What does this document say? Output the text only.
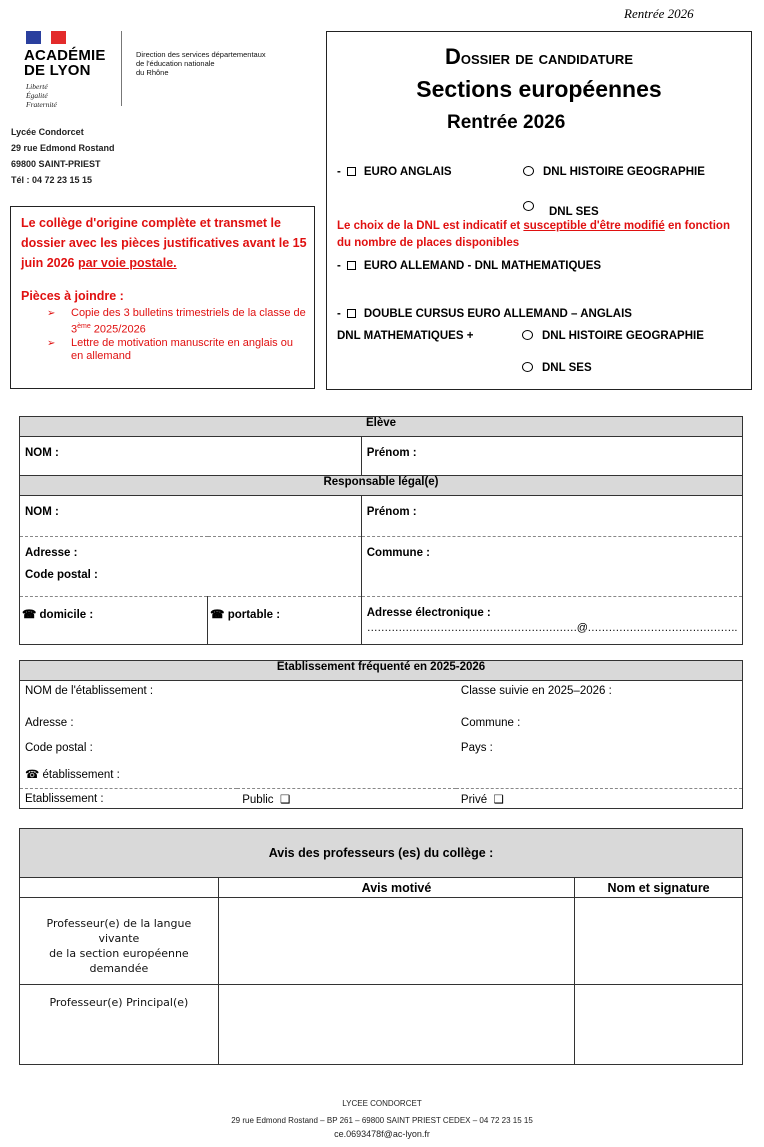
Rentrée 2026
ACADÉMIE
DE LYON
Liberté
Égalité
Fraternité
Direction des services départementaux
de l'éducation nationale
du Rhône
Lycée Condorcet
29 rue Edmond Rostand
69800 SAINT-PRIEST
Tél : 04 72 23 15 15
Dossier de candidature
Sections européennes
Rentrée 2026
- EURO ANGLAIS	DNL HISTOIRE GEOGRAPHIE
DNL SES
Le choix de la DNL est indicatif et susceptible d'être modifié en fonction du nombre de places disponibles
- EURO ALLEMAND - DNL MATHEMATIQUES
- DOUBLE CURSUS EURO ALLEMAND – ANGLAIS
DNL MATHEMATIQUES +	DNL HISTOIRE GEOGRAPHIE
DNL SES
Le collège d'origine complète et transmet le dossier avec les pièces justificatives avant le 15 juin 2026 par voie postale.
Pièces à joindre :
➢	Copie des 3 bulletins trimestriels de la classe de 3ème 2025/2026
➢	Lettre de motivation manuscrite en anglais ou en allemand
Elève		
NOM :		Prénom :
Responsable légal(e)		
NOM :		Prénom :

Adresse :
Code postal :		Commune :
☎ domicile :	☎ portable :	Adresse électronique :
……………………………………………………@…………………………………….
Etablissement fréquenté en 2025-2026		
NOM de l'établissement :		Classe suivie en 2025–2026 :
Adresse :		Commune :
Code postal :		Pays :
☎ établissement :		
Etablissement :	Public ❑	Privé ❑
Avis des professeurs (es) du collège :		
	Avis motivé	Nom et signature

Professeur(e) de la langue
vivante
de la section européenne
demandée		

Professeur(e) Principal(e)		
LYCEE CONDORCET
29 rue Edmond Rostand – BP 261 – 69800 SAINT PRIEST CEDEX – 04 72 23 15 15
ce.0693478f@ac-lyon.fr
